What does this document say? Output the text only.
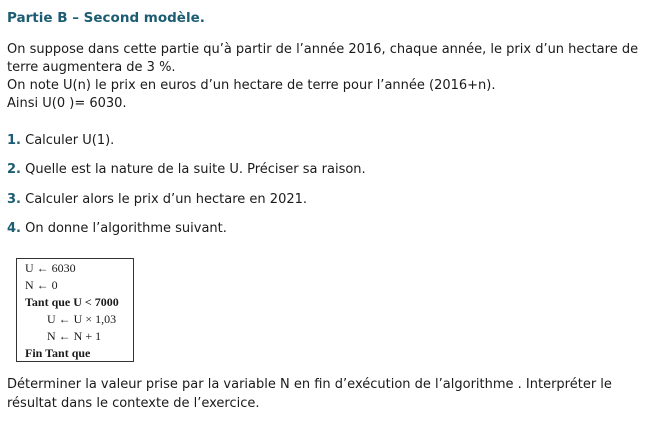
Partie B – Second modèle.

On suppose dans cette partie qu’à partir de l’année 2016, chaque année, le prix d’un hectare de terre augmentera de 3 %.

On note U(n) le prix en euros d’un hectare de terre pour l’année (2016+n).

Ainsi U(0 )= 6030.

1. Calculer U(1).
2. Quelle est la nature de la suite U. Préciser sa raison.
3. Calculer alors le prix d’un hectare en 2021.
4. On donne l’algorithme suivant.
U ← 6030
N ← 0
Tant que U < 7000
U ← U × 1,03
N ← N + 1
Fin Tant que
Déterminer la valeur prise par la variable N en fin d’exécution de l’algorithme . Interpréter le résultat dans le contexte de l’exercice.
